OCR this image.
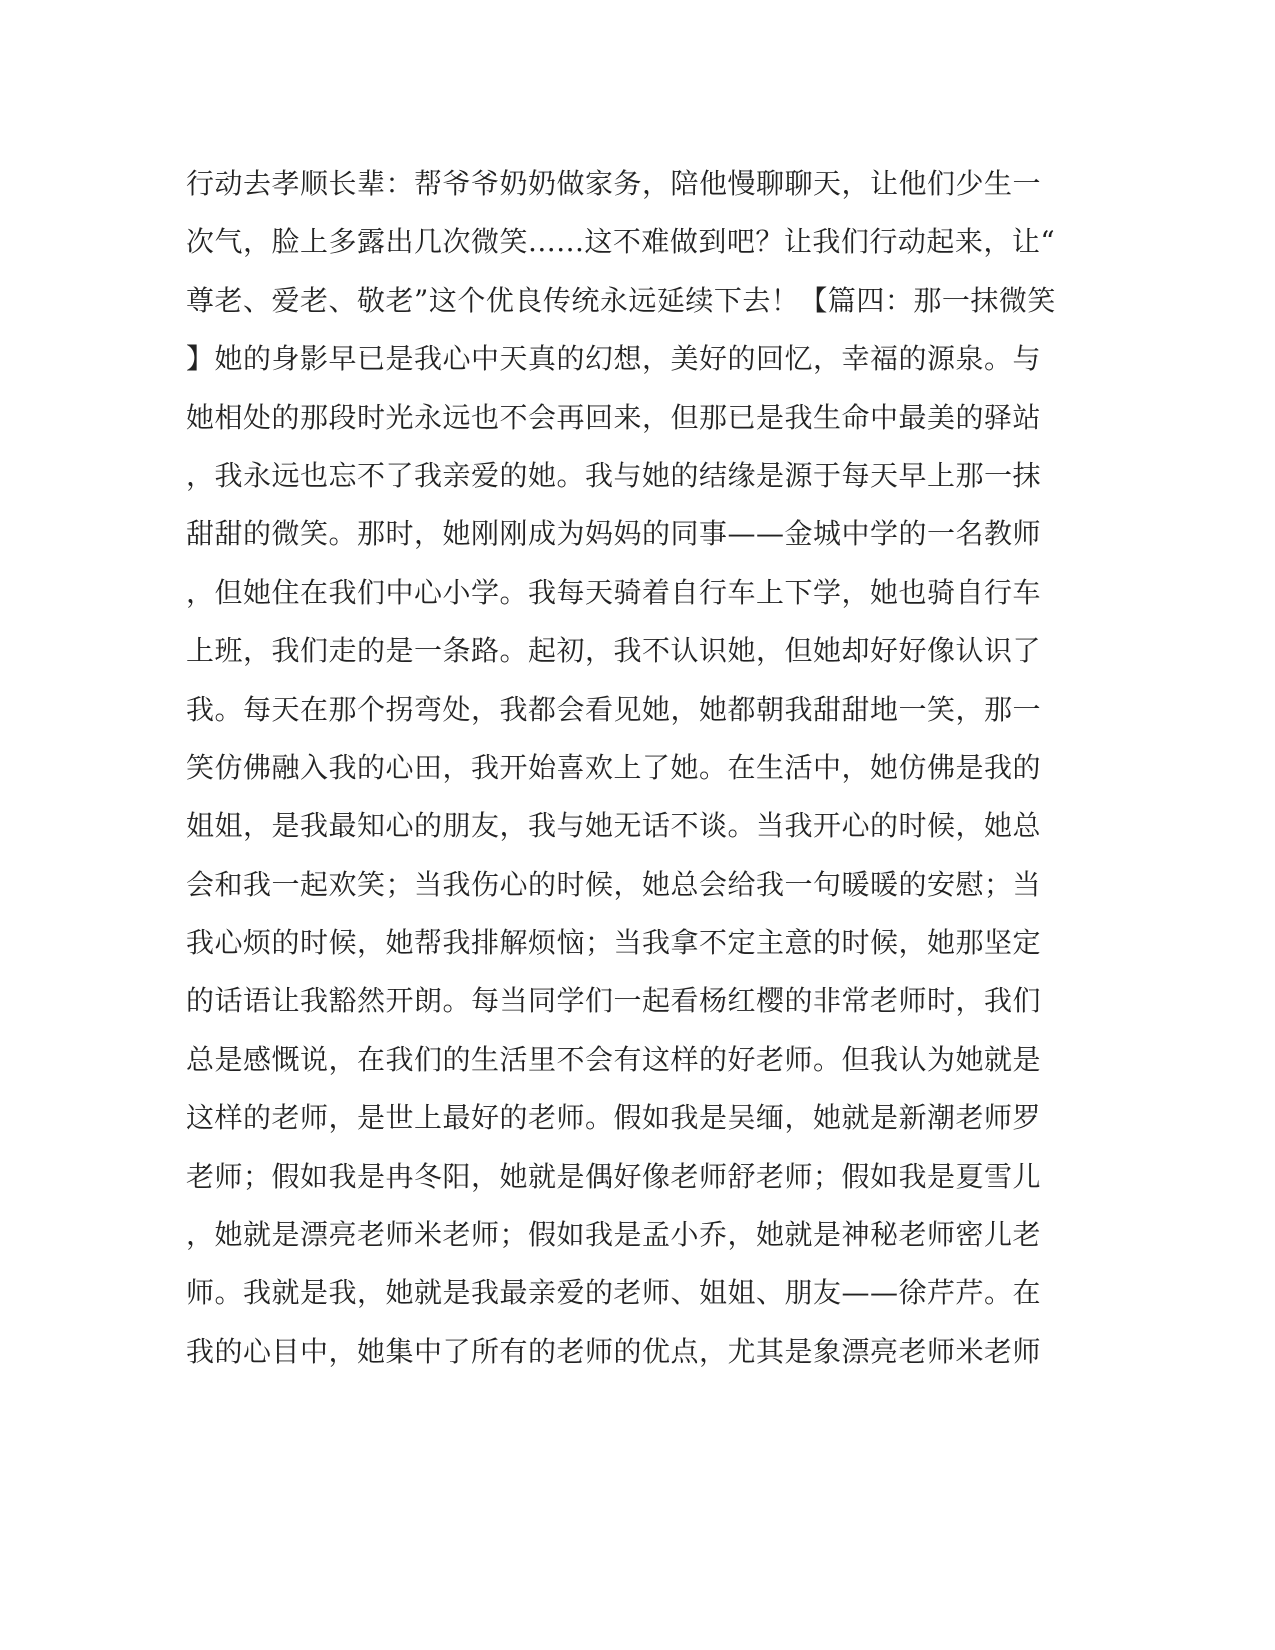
行动去孝顺长辈：帮爷爷奶奶做家务，陪他慢聊聊天，让他们少生一
次气，脸上多露出几次微笑......这不难做到吧？让我们行动起来，让“
尊老、爱老、敬老”这个优良传统永远延续下去！【篇四：那一抹微笑
】她的身影早已是我心中天真的幻想，美好的回忆，幸福的源泉。与
她相处的那段时光永远也不会再回来，但那已是我生命中最美的驿站
，我永远也忘不了我亲爱的她。我与她的结缘是源于每天早上那一抹
甜甜的微笑。那时，她刚刚成为妈妈的同事——金城中学的一名教师
，但她住在我们中心小学。我每天骑着自行车上下学，她也骑自行车
上班，我们走的是一条路。起初，我不认识她，但她却好好像认识了
我。每天在那个拐弯处，我都会看见她，她都朝我甜甜地一笑，那一
笑仿佛融入我的心田，我开始喜欢上了她。在生活中，她仿佛是我的
姐姐，是我最知心的朋友，我与她无话不谈。当我开心的时候，她总
会和我一起欢笑；当我伤心的时候，她总会给我一句暖暖的安慰；当
我心烦的时候，她帮我排解烦恼；当我拿不定主意的时候，她那坚定
的话语让我豁然开朗。每当同学们一起看杨红樱的非常老师时，我们
总是感慨说，在我们的生活里不会有这样的好老师。但我认为她就是
这样的老师，是世上最好的老师。假如我是吴缅，她就是新潮老师罗
老师；假如我是冉冬阳，她就是偶好像老师舒老师；假如我是夏雪儿
，她就是漂亮老师米老师；假如我是孟小乔，她就是神秘老师密儿老
师。我就是我，她就是我最亲爱的老师、姐姐、朋友——徐芹芹。在
我的心目中，她集中了所有的老师的优点，尤其是象漂亮老师米老师
